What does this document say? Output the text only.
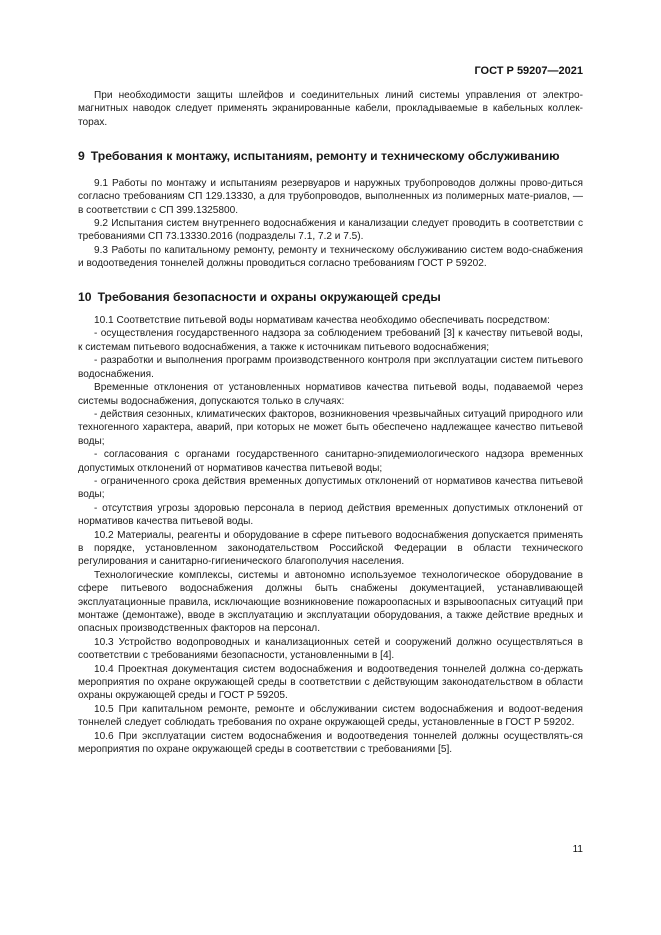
ГОСТ Р 59207—2021

При необходимости защиты шлейфов и соединительных линий системы управления от электро-магнитных наводок следует применять экранированные кабели, прокладываемые в кабельных коллек-торах.

9 Требования к монтажу, испытаниям, ремонту и техническому обслуживанию

9.1 Работы по монтажу и испытаниям резервуаров и наружных трубопроводов должны прово-диться согласно требованиям СП 129.13330, а для трубопроводов, выполненных из полимерных мате-риалов, — в соответствии с СП 399.1325800.

9.2 Испытания систем внутреннего водоснабжения и канализации следует проводить в соответствии с требованиями СП 73.13330.2016 (подразделы 7.1, 7.2 и 7.5).

9.3 Работы по капитальному ремонту, ремонту и техническому обслуживанию систем водо-снабжения и водоотведения тоннелей должны проводиться согласно требованиям ГОСТ Р 59202.

10 Требования безопасности и охраны окружающей среды

10.1 Соответствие питьевой воды нормативам качества необходимо обеспечивать посредством:

- осуществления государственного надзора за соблюдением требований [3] к качеству питьевой воды, к системам питьевого водоснабжения, а также к источникам питьевого водоснабжения;

- разработки и выполнения программ производственного контроля при эксплуатации систем питьевого водоснабжения.

Временные отклонения от установленных нормативов качества питьевой воды, подаваемой через системы водоснабжения, допускаются только в случаях:

- действия сезонных, климатических факторов, возникновения чрезвычайных ситуаций природного или техногенного характера, аварий, при которых не может быть обеспечено надлежащее качество питьевой воды;

- согласования с органами государственного санитарно-эпидемиологического надзора временных допустимых отклонений от нормативов качества питьевой воды;

- ограниченного срока действия временных допустимых отклонений от нормативов качества питьевой воды;

- отсутствия угрозы здоровью персонала в период действия временных допустимых отклонений от нормативов качества питьевой воды.

10.2 Материалы, реагенты и оборудование в сфере питьевого водоснабжения допускается применять в порядке, установленном законодательством Российской Федерации в области технического регулирования и санитарно-гигиенического благополучия населения.

Технологические комплексы, системы и автономно используемое технологическое оборудование в сфере питьевого водоснабжения должны быть снабжены документацией, устанавливающей эксплуатационные правила, исключающие возникновение пожароопасных и взрывоопасных ситуаций при монтаже (демонтаже), вводе в эксплуатацию и эксплуатации оборудования, а также действие вредных и опасных производственных факторов на персонал.

10.3 Устройство водопроводных и канализационных сетей и сооружений должно осуществляться в соответствии с требованиями безопасности, установленными в [4].

10.4 Проектная документация систем водоснабжения и водоотведения тоннелей должна со-держать мероприятия по охране окружающей среды в соответствии с действующим законодательством в области охраны окружающей среды и ГОСТ Р 59205.

10.5 При капитальном ремонте, ремонте и обслуживании систем водоснабжения и водоот-ведения тоннелей следует соблюдать требования по охране окружающей среды, установленные в ГОСТ Р 59202.

10.6 При эксплуатации систем водоснабжения и водоотведения тоннелей должны осуществлять-ся мероприятия по охране окружающей среды в соответствии с требованиями [5].

11
